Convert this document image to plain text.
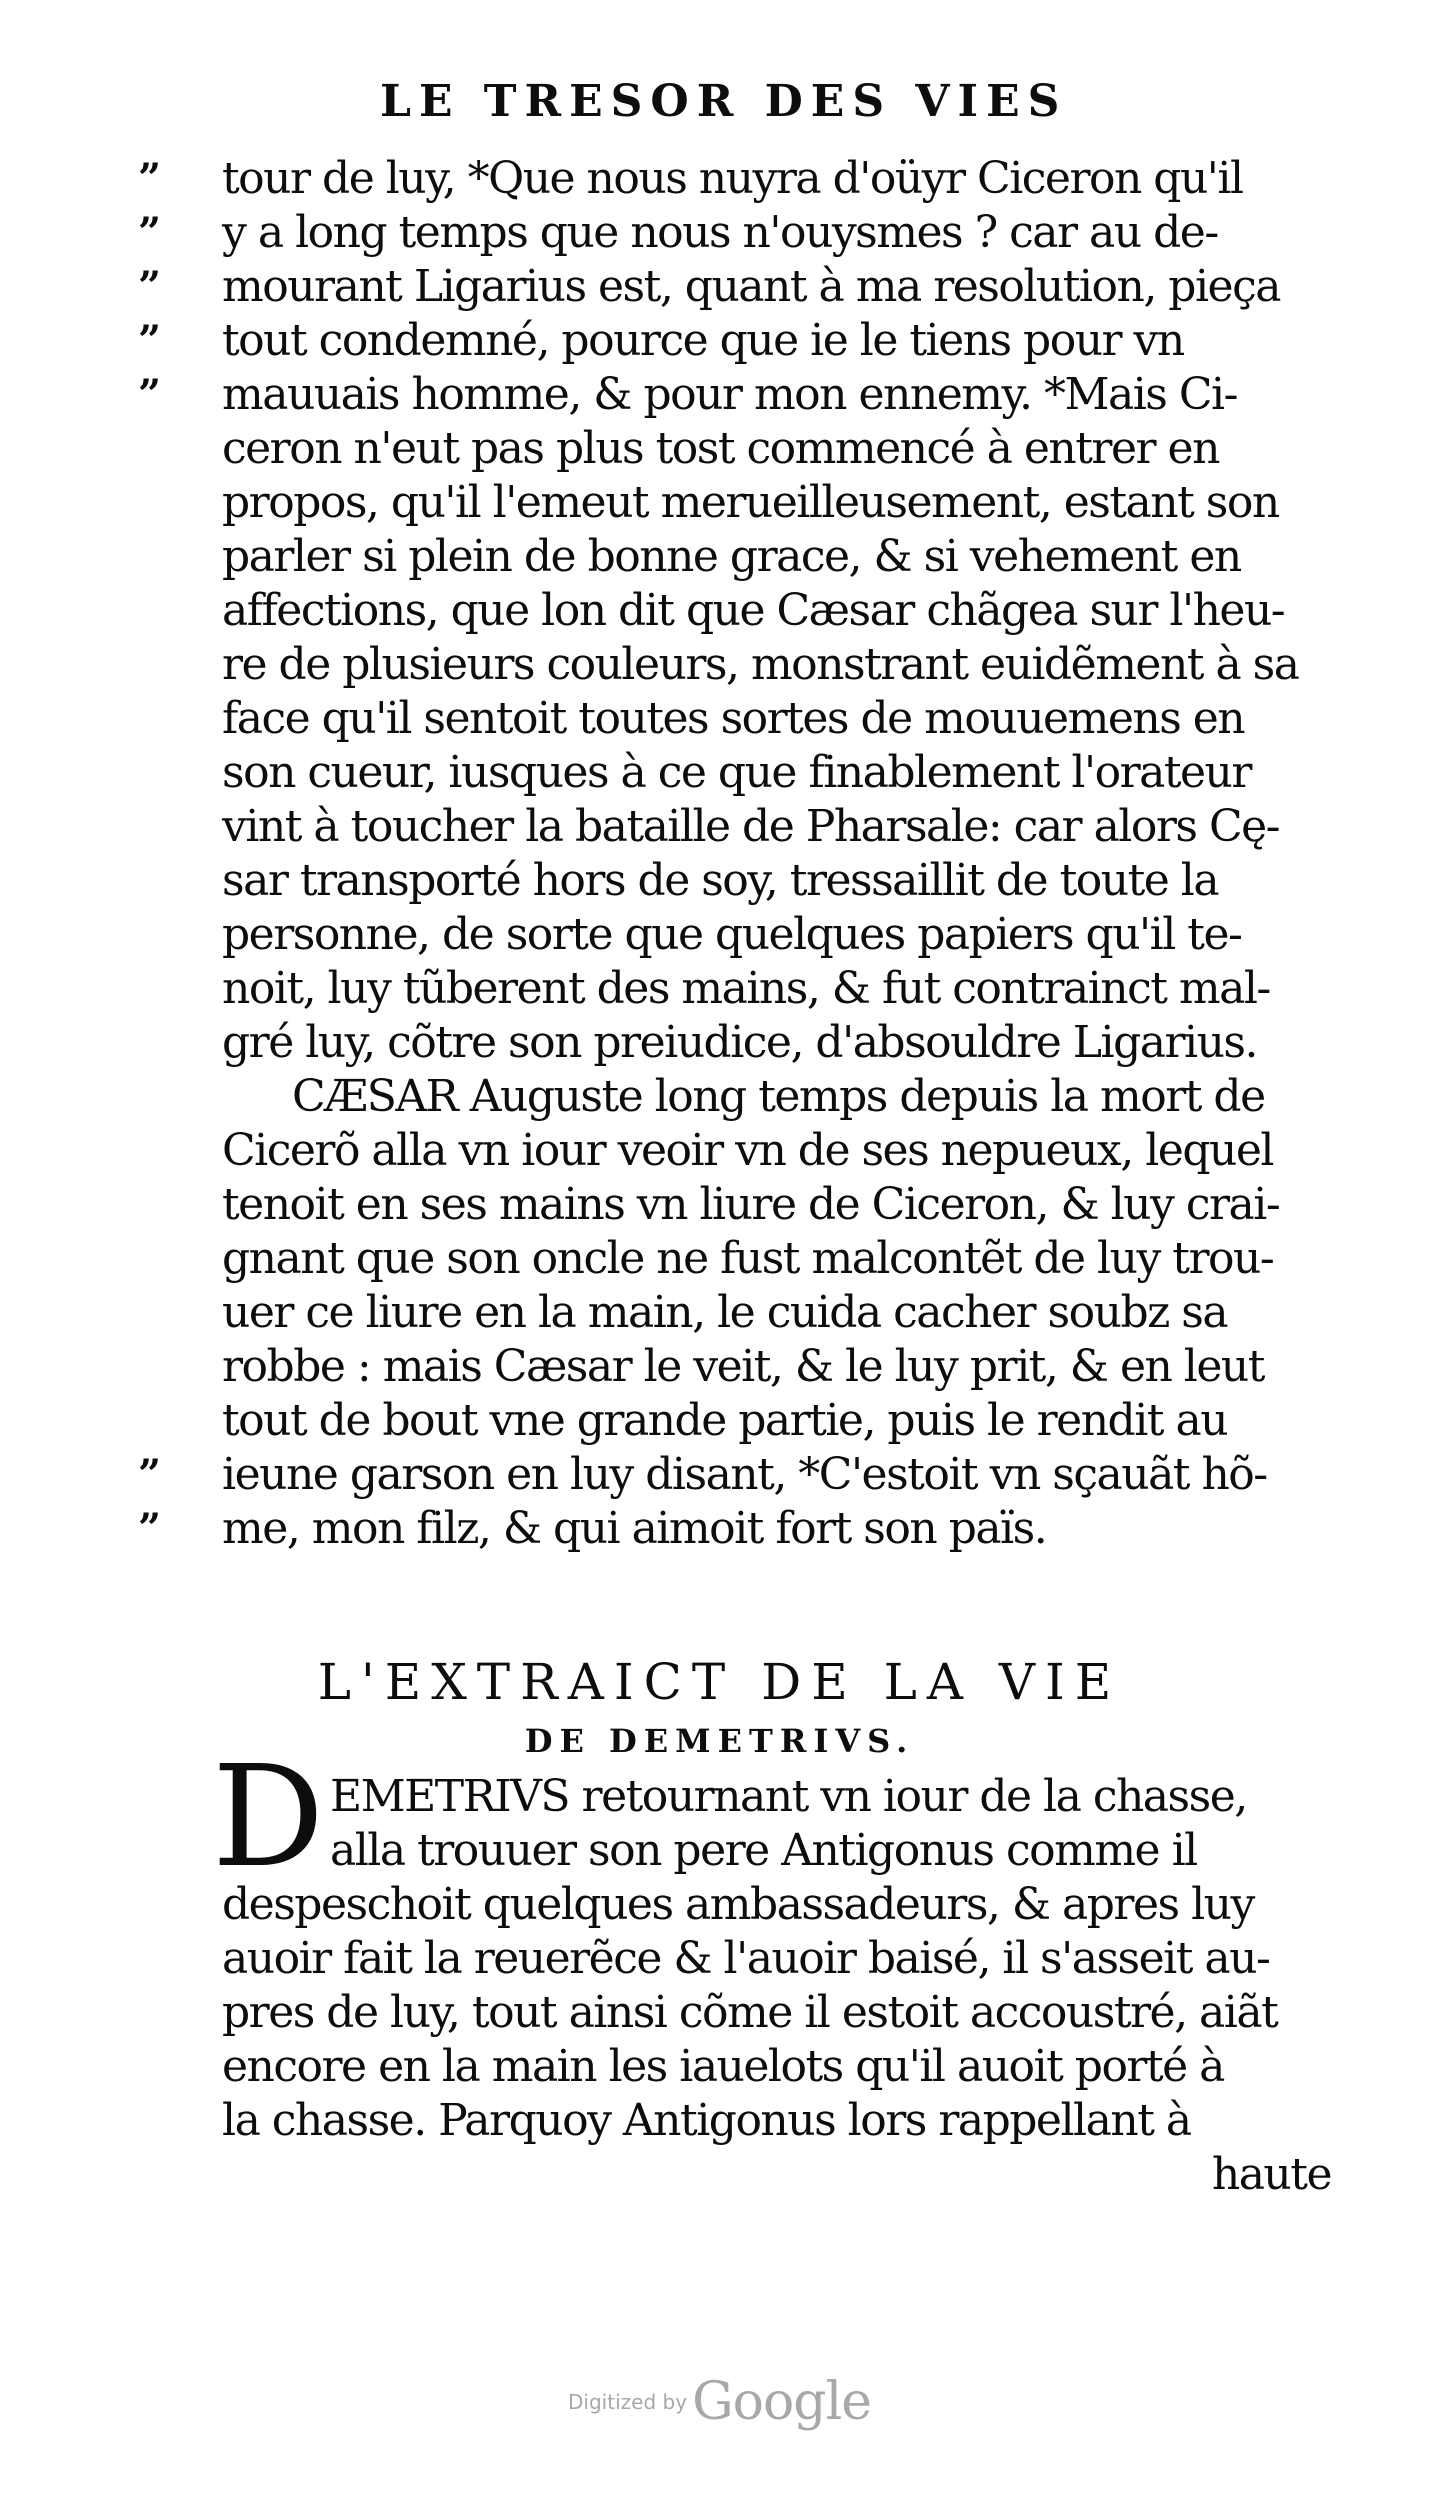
LE TRESOR DES VIES
” tour de luy, *Que nous nuyra d'oüyr Ciceron qu'il
” y a long temps que nous n'ouysmes ? car au de-
” mourant Ligarius est, quant à ma resolution, pieça
” tout condemné, pource que ie le tiens pour vn
” mauuais homme, & pour mon ennemy. *Mais Ci-
ceron n'eut pas plus tost commencé à entrer en
propos, qu'il l'emeut merueilleusement, estant son
parler si plein de bonne grace, & si vehement en
affections, que lon dit que Cæsar chãgea sur l'heu-
re de plusieurs couleurs, monstrant euidẽment à sa
face qu'il sentoit toutes sortes de mouuemens en
son cueur, iusques à ce que finablement l'orateur
vint à toucher la bataille de Pharsale: car alors Cę-
sar transporté hors de soy, tressaillit de toute la
personne, de sorte que quelques papiers qu'il te-
noit, luy tũberent des mains, & fut contrainct mal-
gré luy, cõtre son preiudice, d'absouldre Ligarius.
CÆSAR Auguste long temps depuis la mort de
Cicerõ alla vn iour veoir vn de ses nepueux, lequel
tenoit en ses mains vn liure de Ciceron, & luy crai-
gnant que son oncle ne fust malcontẽt de luy trou-
uer ce liure en la main, le cuida cacher soubz sa
robbe : mais Cæsar le veit, & le luy prit, & en leut
tout de bout vne grande partie, puis le rendit au
” ieune garson en luy disant, *C'estoit vn sçauãt hõ-
” me, mon filz, & qui aimoit fort son païs.
L'EXTRAICT DE LA VIE
DE DEMETRIVS.
D EMETRIVS retournant vn iour de la chasse,
alla trouuer son pere Antigonus comme il
despeschoit quelques ambassadeurs, & apres luy
auoir fait la reuerẽce & l'auoir baisé, il s'asseit au-
pres de luy, tout ainsi cõme il estoit accoustré, aiãt
encore en la main les iauelots qu'il auoit porté à
la chasse. Parquoy Antigonus lors rappellant à
haute
Digitized by Google
